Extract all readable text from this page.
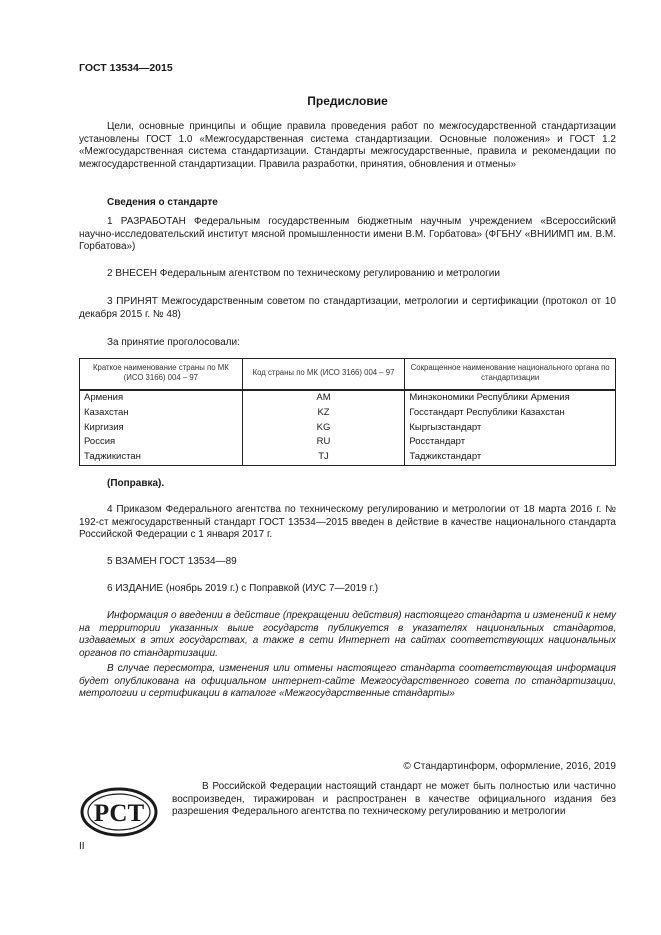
ГОСТ 13534—2015
Предисловие
Цели, основные принципы и общие правила проведения работ по межгосударственной стандартизации установлены ГОСТ 1.0 «Межгосударственная система стандартизации. Основные положения» и ГОСТ 1.2 «Межгосударственная система стандартизации. Стандарты межгосударственные, правила и рекомендации по межгосударственной стандартизации. Правила разработки, принятия, обновления и отмены»
Сведения о стандарте
1 РАЗРАБОТАН Федеральным государственным бюджетным научным учреждением «Всероссийский научно-исследовательский институт мясной промышленности имени В.М. Горбатова» (ФГБНУ «ВНИИМП им. В.М. Горбатова»)
2 ВНЕСЕН Федеральным агентством по техническому регулированию и метрологии
3 ПРИНЯТ Межгосударственным советом по стандартизации, метрологии и сертификации (протокол от 10 декабря 2015 г. № 48)
За принятие проголосовали:
Краткое наименование страны по МК (ИСО 3166) 004 – 97	Код страны по МК (ИСО 3166) 004 – 97	Сокращенное наименование национального органа по стандартизации
Армения	AM	Минэкономики Республики Армения
Казахстан	KZ	Госстандарт Республики Казахстан
Киргизия	KG	Кыргызстандарт
Россия	RU	Росстандарт
Таджикистан	TJ	Таджикстандарт
(Поправка).
4 Приказом Федерального агентства по техническому регулированию и метрологии от 18 марта 2016 г. № 192-ст межгосударственный стандарт ГОСТ 13534—2015 введен в действие в качестве национального стандарта Российской Федерации с 1 января 2017 г.
5 ВЗАМЕН ГОСТ 13534—89
6 ИЗДАНИЕ (ноябрь 2019 г.) с Поправкой (ИУС 7—2019 г.)
Информация о введении в действие (прекращении действия) настоящего стандарта и изменений к нему на территории указанных выше государств публикуется в указателях национальных стандартов, издаваемых в этих государствах, а также в сети Интернет на сайтах соответствующих национальных органов по стандартизации.
В случае пересмотра, изменения или отмены настоящего стандарта соответствующая информация будет опубликована на официальном интернет-сайте Межгосударственного совета по стандартизации, метрологии и сертификации в каталоге «Межгосударственные стандарты»
© Стандартинформ, оформление, 2016, 2019
РСТ
В Российской Федерации настоящий стандарт не может быть полностью или частично воспроизведен, тиражирован и распространен в качестве официального издания без разрешения Федерального агентства по техническому регулированию и метрологии
II
